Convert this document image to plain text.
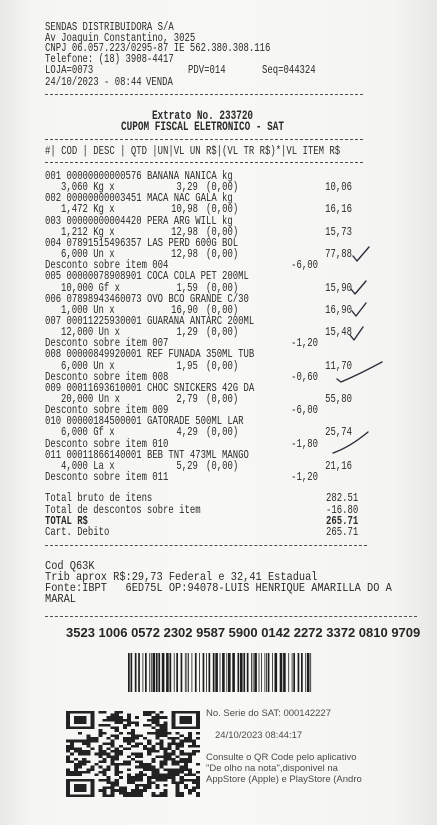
SENDAS DISTRIBUIDORA S/A
Av Joaquin Constantino, 3025
CNPJ 06.057.223/0295-87 IE 562.380.308.116
Telefone: (18) 3908-4417
LOJA=0073	PDV=014	Seq=044324
24/10/2023 - 08:44 VENDA
Extrato No. 233720
CUPOM FISCAL ELETRONICO - SAT
#| COD | DESC | QTD |UN|VL UN R$|(VL TR R$)*|VL ITEM R$
001 00000000000576 BANANA NANICA kg
3,060 Kg x	3,29 (0,00)	10,06
002 00000000003451 MACA NAC GALA kg
1,472 Kg x	10,98 (0,00)	16,16
003 00000000004420 PERA ARG WILL kg
1,212 Kg x	12,98 (0,00)	15,73
004 07891515496357 LAS PERD 600G BOL
6,000 Un x	12,98 (0,00)	77,88
Desconto sobre item 004	-6,00
005 00000078908901 COCA COLA PET 200ML
10,000 Gf x	1,59 (0,00)	15,90
006 07898943460073 OVO BCO GRANDE C/30
1,000 Un x	16,90 (0,00)	16,90
007 00011225930001 GUARANA ANTARC 200ML
12,000 Un x	1,29 (0,00)	15,48
Desconto sobre item 007	-1,20
008 00000849920001 REF FUNADA 350ML TUB
6,000 Un x	1,95 (0,00)	11,70
Desconto sobre item 008	-0,60
009 00011693610001 CHOC SNICKERS 42G DA
20,000 Un x	2,79 (0,00)	55,80
Desconto sobre item 009	-6,00
010 00000184500001 GATORADE 500ML LAR
6,000 Gf x	4,29 (0,00)	25,74
Desconto sobre item 010	-1,80
011 00011866140001 BEB TNT 473ML MANGO
4,000 La x	5,29 (0,00)	21,16
Desconto sobre item 011	-1,20
Total bruto de itens	282.51
Total de descontos sobre item	-16.80
TOTAL R$	265.71
Cart. Debito	265.71
Cod Q63K
Trib aprox R$:29,73 Federal e 32,41 Estadual
Fonte:IBPT   6ED75L OP:94078-LUIS HENRIQUE AMARILLA DO A
MARAL
3523 1006 0572 2302 9587 5900 0142 2272 3372 0810 9709
No. Serie do SAT: 000142227
24/10/2023 08:44:17
Consulte o QR Code pelo aplicativo
"De olho na nota",disponivel na
AppStore (Apple) e PlayStore (Andro
